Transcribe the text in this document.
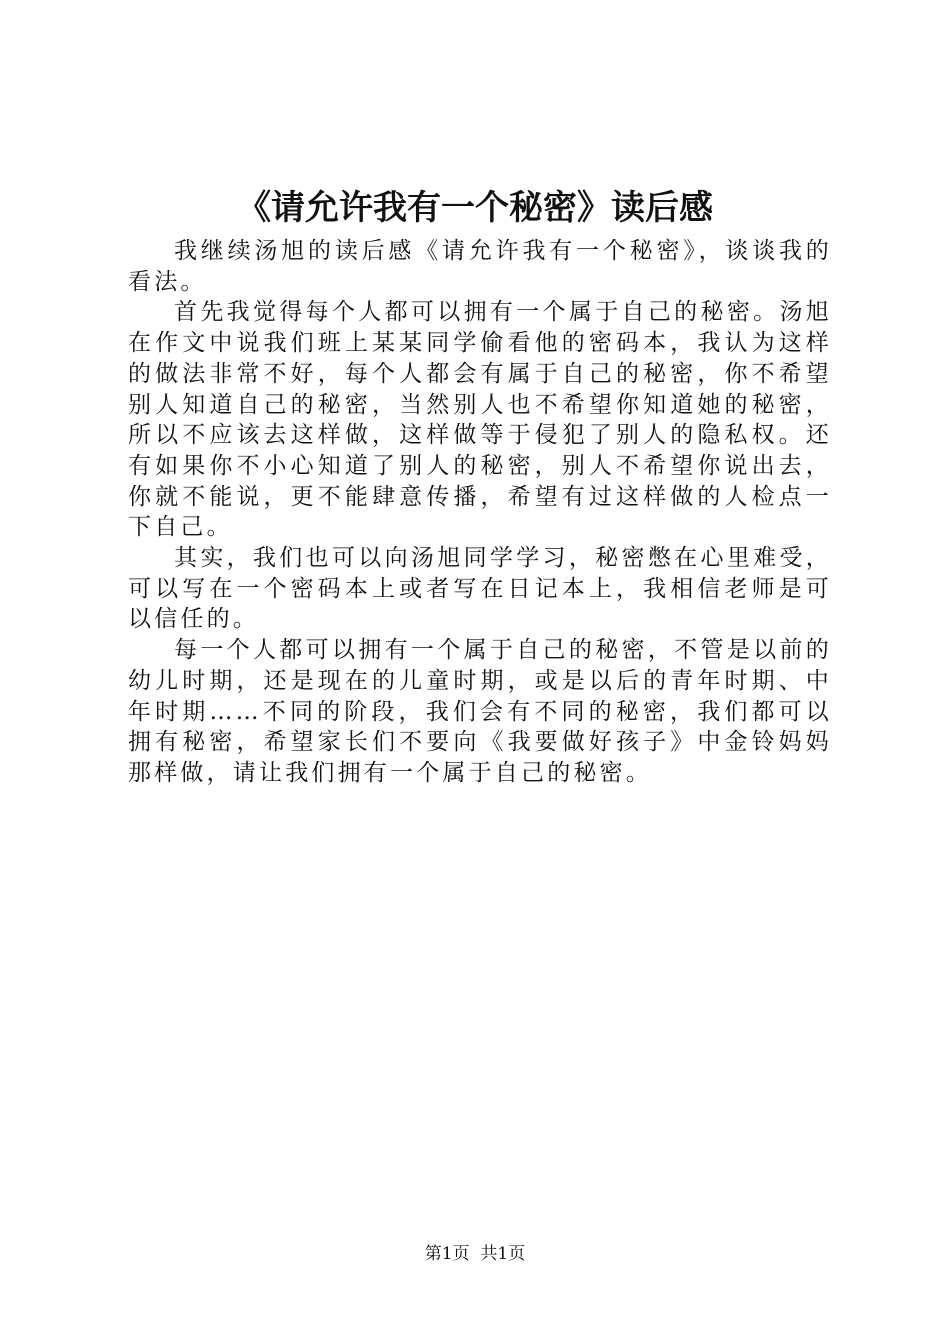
《请允许我有一个秘密》读后感

我继续汤旭的读后感《请允许我有一个秘密》，谈谈我的看法。

首先我觉得每个人都可以拥有一个属于自己的秘密。汤旭在作文中说我们班上某某同学偷看他的密码本，我认为这样的做法非常不好，每个人都会有属于自己的秘密，你不希望别人知道自己的秘密，当然别人也不希望你知道她的秘密，所以不应该去这样做，这样做等于侵犯了别人的隐私权。还有如果你不小心知道了别人的秘密，别人不希望你说出去，你就不能说，更不能肆意传播，希望有过这样做的人检点一下自己。

其实，我们也可以向汤旭同学学习，秘密憋在心里难受，可以写在一个密码本上或者写在日记本上，我相信老师是可以信任的。

每一个人都可以拥有一个属于自己的秘密，不管是以前的幼儿时期，还是现在的儿童时期，或是以后的青年时期、中年时期……不同的阶段，我们会有不同的秘密，我们都可以拥有秘密，希望家长们不要向《我要做好孩子》中金铃妈妈那样做，请让我们拥有一个属于自己的秘密。

第1页  共1页
